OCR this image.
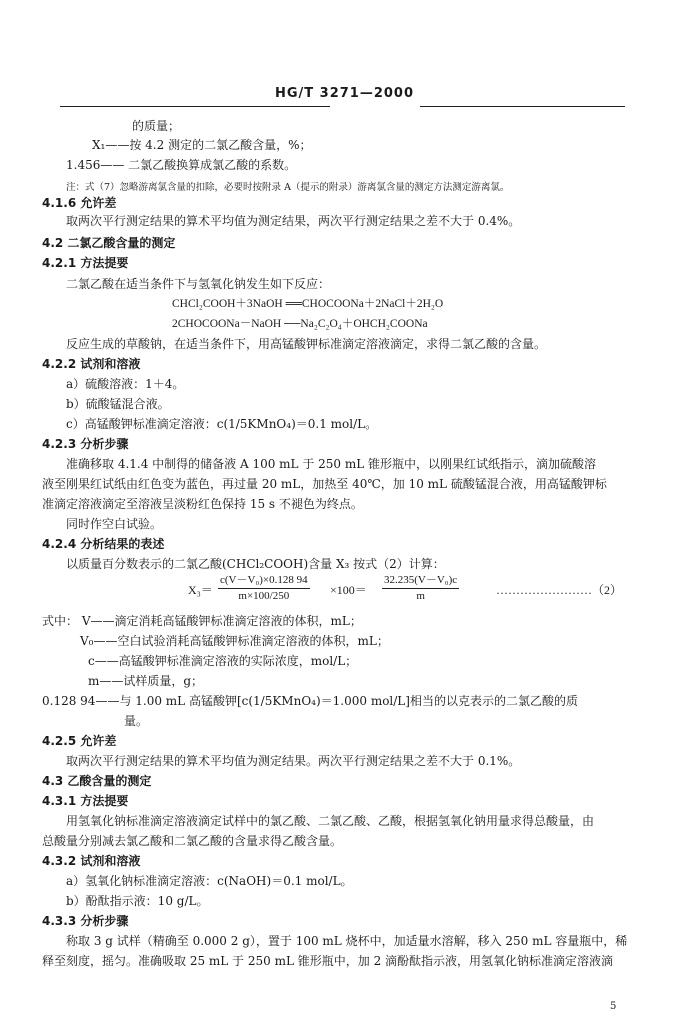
HG/T 3271—2000
的质量；
X₁——按 4.2 测定的二氯乙酸含量，%；
1.456—— 二氯乙酸换算成氯乙酸的系数。
注：式（7）忽略游离氯含量的扣除，必要时按附录 A（提示的附录）游离氯含量的测定方法测定游离氯。
4.1.6 允许差
取两次平行测定结果的算术平均值为测定结果，两次平行测定结果之差不大于 0.4%。
4.2 二氯乙酸含量的测定
4.2.1 方法提要
二氯乙酸在适当条件下与氢氧化钠发生如下反应：
CHCl₂COOH＋3NaOH ══CHOCOONa＋2NaCl＋2H₂O
2CHOCOONa－NaOH ──Na₂C₂O₄＋OHCH₂COONa
反应生成的草酸钠，在适当条件下，用高锰酸钾标准滴定溶液滴定，求得二氯乙酸的含量。
4.2.2 试剂和溶液
a）硫酸溶液：1＋4。
b）硫酸锰混合液。
c）高锰酸钾标准滴定溶液：c(1/5KMnO₄)＝0.1 mol/L。
4.2.3 分析步骤
准确移取 4.1.4 中制得的储备液 A 100 mL 于 250 mL 锥形瓶中，以刚果红试纸指示，滴加硫酸溶
液至刚果红试纸由红色变为蓝色，再过量 20 mL，加热至 40℃，加 10 mL 硫酸锰混合液，用高锰酸钾标
准滴定溶液滴定至溶液呈淡粉红色保持 15 s 不褪色为终点。
同时作空白试验。
4.2.4 分析结果的表述
以质量百分数表示的二氯乙酸(CHCl₂COOH)含量 X₃ 按式（2）计算：
$X_3= \frac{\text{c(V－V₀)×0.128 94}}{m\times 100/250} \times 100= \frac{\text{32.235(V－V₀)c}}{m}$	……………………（2）
式中： V——滴定消耗高锰酸钾标准滴定溶液的体积，mL；
V₀——空白试验消耗高锰酸钾标准滴定溶液的体积，mL；
c——高锰酸钾标准滴定溶液的实际浓度，mol/L；
m——试样质量，g；
0.128 94——与 1.00 mL 高锰酸钾[c(1/5KMnO₄)＝1.000 mol/L]相当的以克表示的二氯乙酸的质
量。
4.2.5 允许差
取两次平行测定结果的算术平均值为测定结果。两次平行测定结果之差不大于 0.1%。
4.3 乙酸含量的测定
4.3.1 方法提要
用氢氧化钠标准滴定溶液滴定试样中的氯乙酸、二氯乙酸、乙酸，根据氢氧化钠用量求得总酸量，由
总酸量分别减去氯乙酸和二氯乙酸的含量求得乙酸含量。
4.3.2 试剂和溶液
a）氢氧化钠标准滴定溶液：c(NaOH)＝0.1 mol/L。
b）酚酞指示液：10 g/L。
4.3.3 分析步骤
称取 3 g 试样（精确至 0.000 2 g），置于 100 mL 烧杯中，加适量水溶解，移入 250 mL 容量瓶中，稀
释至刻度，摇匀。准确吸取 25 mL 于 250 mL 锥形瓶中，加 2 滴酚酞指示液，用氢氧化钠标准滴定溶液滴
5
